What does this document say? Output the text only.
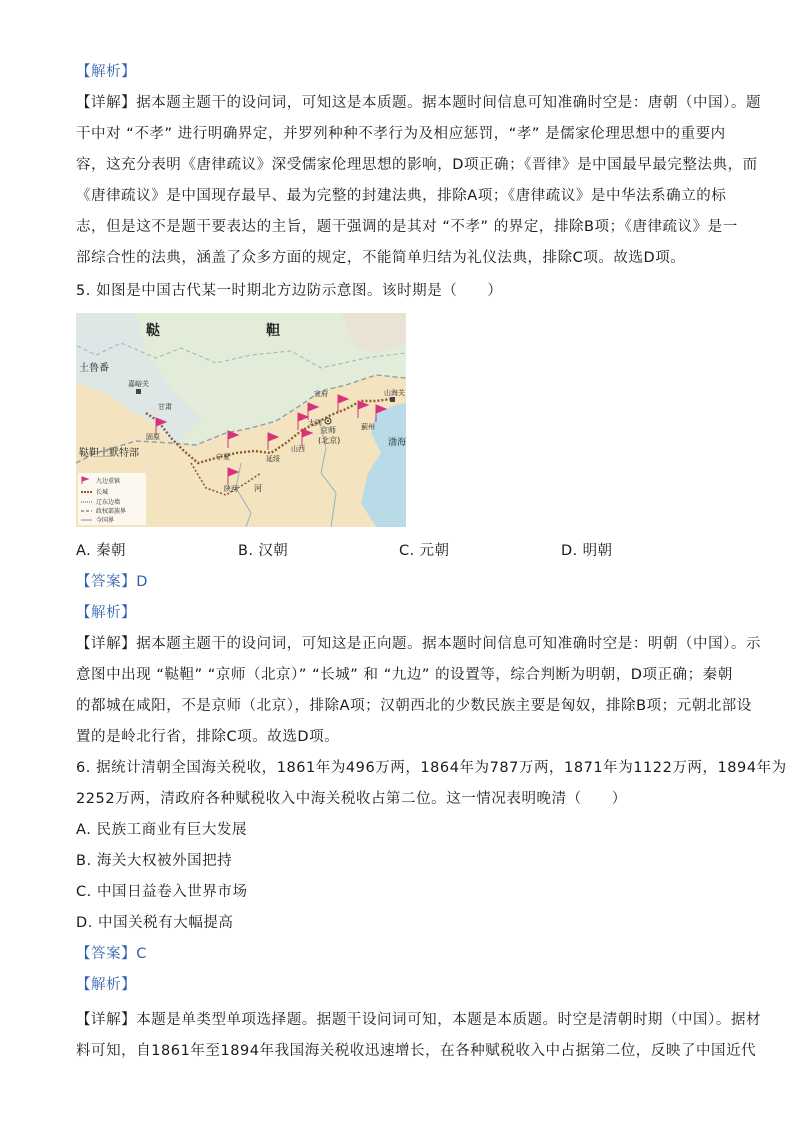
【解析】
【详解】据本题主题干的设问词，可知这是本质题。据本题时间信息可知准确时空是：唐朝（中国）。题
干中对 “不孝” 进行明确界定，并罗列种种不孝行为及相应惩罚，“孝” 是儒家伦理思想中的重要内
容，这充分表明《唐律疏议》深受儒家伦理思想的影响，D项正确；《晋律》是中国最早最完整法典，而
《唐律疏议》是中国现存最早、最为完整的封建法典，排除A项；《唐律疏议》是中华法系确立的标
志，但是这不是题干要表达的主旨，题干强调的是其对 “不孝” 的界定，排除B项；《唐律疏议》是一
部综合性的法典，涵盖了众多方面的规定，不能简单归结为礼仪法典，排除C项。故选D项。
5. 如图是中国古代某一时期北方边防示意图。该时期是（　　）
鞑	靼
土鲁番
鞑靼土默特部
渤海
河
嘉峪关
宣府
大同
山海关
蓟州
京师
(北京)
固原
宁夏	延绥
山西
陕西
甘肃
九边重镇
长城
辽东边墙
政权部族界
今国界
A. 秦朝	B. 汉朝	C. 元朝	D. 明朝
【答案】D
【解析】
【详解】据本题主题干的设问词，可知这是正向题。据本题时间信息可知准确时空是：明朝（中国）。示
意图中出现 “鞑靼” “京师（北京）” “长城” 和 “九边” 的设置等，综合判断为明朝，D项正确；秦朝
的都城在咸阳，不是京师（北京），排除A项；汉朝西北的少数民族主要是匈奴，排除B项；元朝北部设
置的是岭北行省，排除C项。故选D项。
6. 据统计清朝全国海关税收，1861年为496万两，1864年为787万两，1871年为1122万两，1894年为
2252万两，清政府各种赋税收入中海关税收占第二位。这一情况表明晚清（　　）
A. 民族工商业有巨大发展
B. 海关大权被外国把持
C. 中国日益卷入世界市场
D. 中国关税有大幅提高
【答案】C
【解析】
【详解】本题是单类型单项选择题。据题干设问词可知，本题是本质题。时空是清朝时期（中国）。据材
料可知，自1861年至1894年我国海关税收迅速增长，在各种赋税收入中占据第二位，反映了中国近代
